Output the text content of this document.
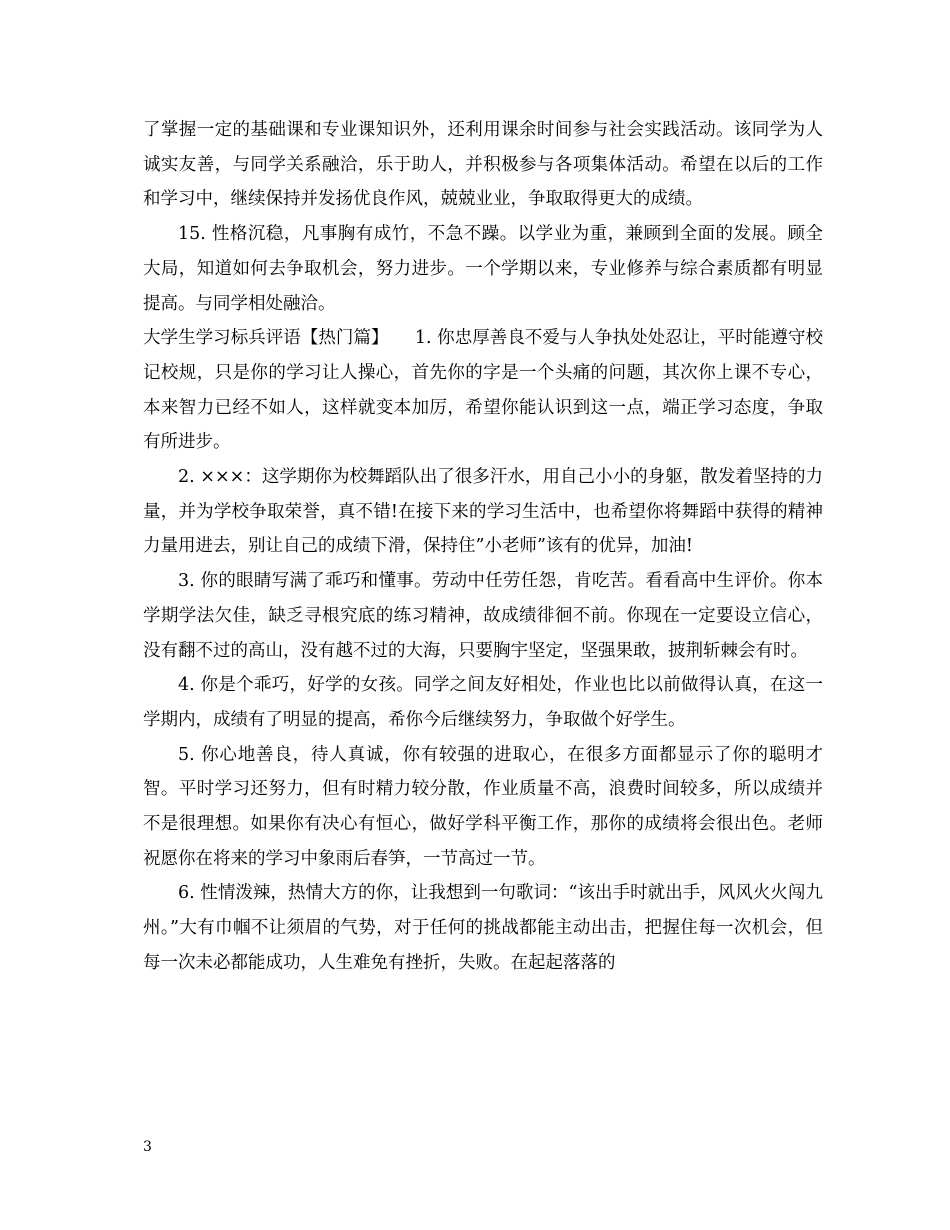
了掌握一定的基础课和专业课知识外，还利用课余时间参与社会实践活动。该同学为人诚实友善，与同学关系融洽，乐于助人，并积极参与各项集体活动。希望在以后的工作和学习中，继续保持并发扬优良作风，兢兢业业，争取取得更大的成绩。

15. 性格沉稳，凡事胸有成竹，不急不躁。以学业为重，兼顾到全面的发展。顾全大局，知道如何去争取机会，努力进步。一个学期以来，专业修养与综合素质都有明显提高。与同学相处融洽。

大学生学习标兵评语【热门篇】　　1. 你忠厚善良不爱与人争执处处忍让，平时能遵守校记校规，只是你的学习让人操心，首先你的字是一个头痛的问题，其次你上课不专心，本来智力已经不如人，这样就变本加厉，希望你能认识到这一点，端正学习态度，争取有所进步。

2. ×××：这学期你为校舞蹈队出了很多汗水，用自己小小的身躯，散发着坚持的力量，并为学校争取荣誉，真不错!在接下来的学习生活中，也希望你将舞蹈中获得的精神力量用进去，别让自己的成绩下滑，保持住”小老师”该有的优异，加油!

3. 你的眼睛写满了乖巧和懂事。劳动中任劳任怨，肯吃苦。看看高中生评价。你本学期学法欠佳，缺乏寻根究底的练习精神，故成绩徘徊不前。你现在一定要设立信心，没有翻不过的高山，没有越不过的大海，只要胸宇坚定，坚强果敢，披荆斩棘会有时。

4. 你是个乖巧，好学的女孩。同学之间友好相处，作业也比以前做得认真，在这一学期内，成绩有了明显的提高，希你今后继续努力，争取做个好学生。

5. 你心地善良，待人真诚，你有较强的进取心，在很多方面都显示了你的聪明才智。平时学习还努力，但有时精力较分散，作业质量不高，浪费时间较多，所以成绩并不是很理想。如果你有决心有恒心，做好学科平衡工作，那你的成绩将会很出色。老师祝愿你在将来的学习中象雨后春笋，一节高过一节。

6. 性情泼辣，热情大方的你，让我想到一句歌词：“该出手时就出手，风风火火闯九州。”大有巾帼不让须眉的气势，对于任何的挑战都能主动出击，把握住每一次机会，但每一次未必都能成功，人生难免有挫折，失败。在起起落落的

3
